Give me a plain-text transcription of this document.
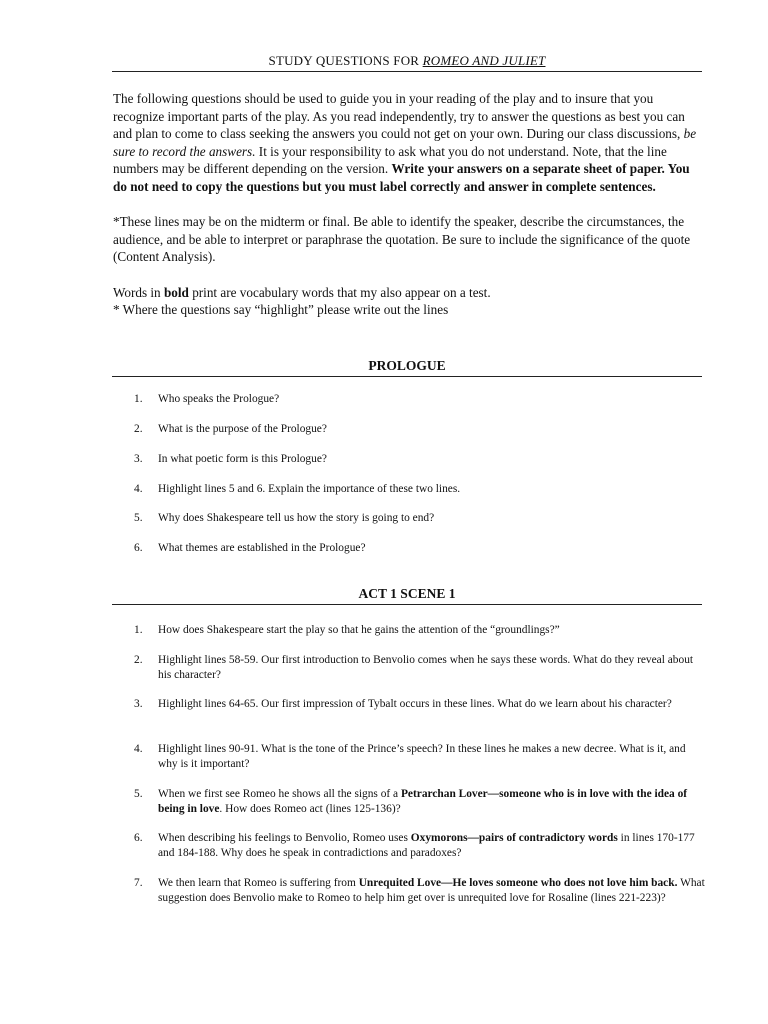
STUDY QUESTIONS FOR ROMEO AND JULIET

The following questions should be used to guide you in your reading of the play and to insure that you recognize important parts of the play. As you read independently, try to answer the questions as best you can and plan to come to class seeking the answers you could not get on your own. During our class discussions, be sure to record the answers. It is your responsibility to ask what you do not understand. Note, that the line numbers may be different depending on the version. Write your answers on a separate sheet of paper. You do not need to copy the questions but you must label correctly and answer in complete sentences.

*These lines may be on the midterm or final. Be able to identify the speaker, describe the circumstances, the audience, and be able to interpret or paraphrase the quotation. Be sure to include the significance of the quote (Content Analysis).

Words in bold print are vocabulary words that my also appear on a test.

* Where the questions say “highlight” please write out the lines

PROLOGUE
1.	Who speaks the Prologue?
2.	What is the purpose of the Prologue?
3.	In what poetic form is this Prologue?
4.	Highlight lines 5 and 6. Explain the importance of these two lines.
5.	Why does Shakespeare tell us how the story is going to end?
6.	What themes are established in the Prologue?
ACT 1 SCENE 1
1.	How does Shakespeare start the play so that he gains the attention of the “groundlings?”
2.	Highlight lines 58-59. Our first introduction to Benvolio comes when he says these words. What do they reveal about his character?
3.	Highlight lines 64-65. Our first impression of Tybalt occurs in these lines. What do we learn about his character?
4.	Highlight lines 90-91. What is the tone of the Prince’s speech? In these lines he makes a new decree. What is it, and why is it important?
5.	When we first see Romeo he shows all the signs of a Petrarchan Lover—someone who is in love with the idea of being in love. How does Romeo act (lines 125-136)?
6.	When describing his feelings to Benvolio, Romeo uses Oxymorons—pairs of contradictory words in lines 170-177 and 184-188. Why does he speak in contradictions and paradoxes?
7.	We then learn that Romeo is suffering from Unrequited Love—He loves someone who does not love him back. What suggestion does Benvolio make to Romeo to help him get over is unrequited love for Rosaline (lines 221-223)?
